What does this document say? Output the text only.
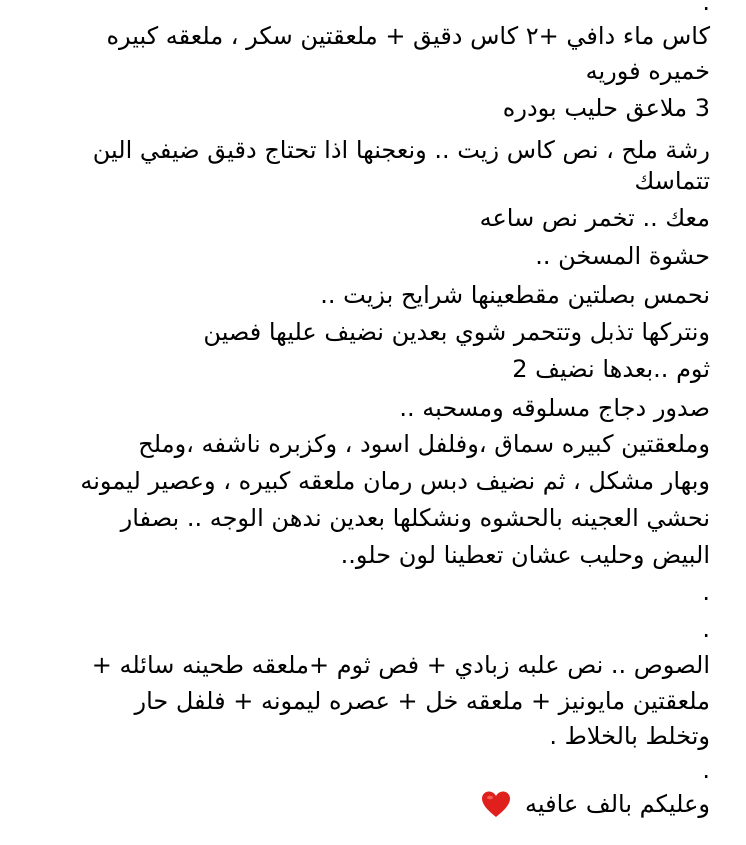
.
كاس ماء دافي +٢ كاس دقيق + ملعقتين سكر ، ملعقه كبيره
خميره فوريه
3 ملاعق حليب بودره
رشة ملح ، نص كاس زيت .. ونعجنها اذا تحتاج دقيق ضيفي الين
تتماسك
معك .. تخمر نص ساعه
حشوة المسخن ..
نحمس بصلتين مقطعينها شرايح بزيت ..
ونتركها تذبل وتتحمر شوي بعدين نضيف عليها فصين
ثوم ..بعدها نضيف 2
صدور دجاج مسلوقه ومسحبه ..
وملعقتين كبيره سماق ،وفلفل اسود ، وكزبره ناشفه ،وملح
وبهار مشكل ، ثم نضيف دبس رمان ملعقه كبيره ، وعصير ليمونه
نحشي العجينه بالحشوه ونشكلها بعدين ندهن الوجه .. بصفار
البيض وحليب عشان تعطينا لون حلو..
.
.
الصوص .. نص علبه زبادي + فص ثوم +ملعقه طحينه سائله +
ملعقتين مايونيز + ملعقه خل + عصره ليمونه + فلفل حار
وتخلط بالخلاط .
.
وعليكم بالف عافيه
